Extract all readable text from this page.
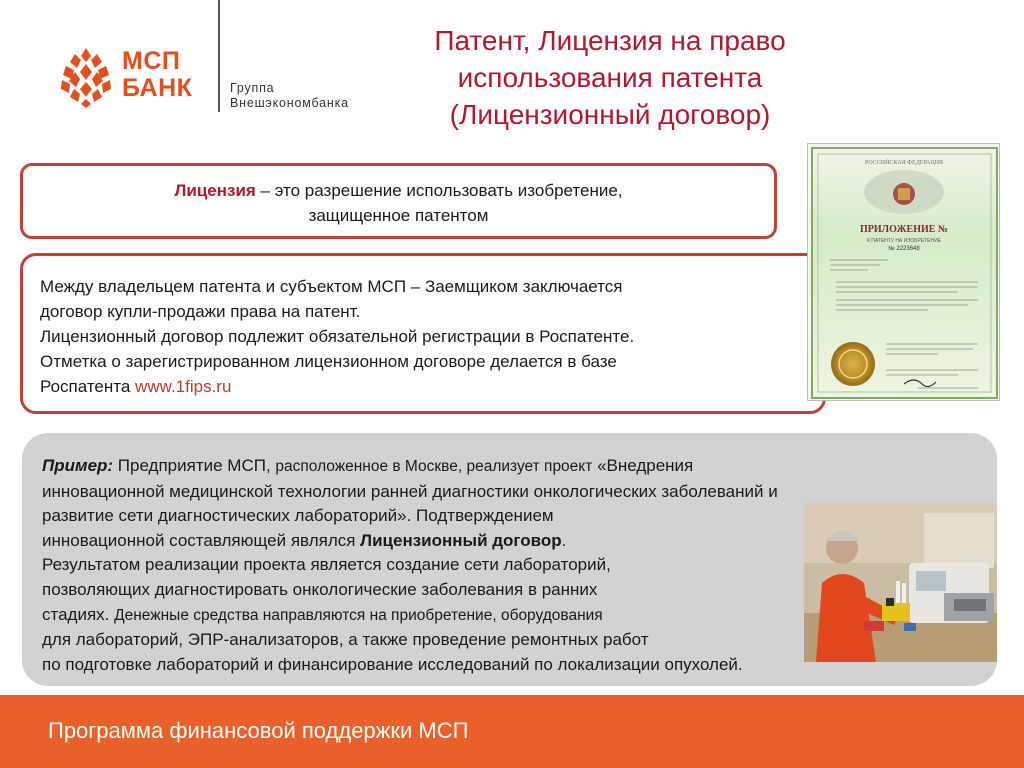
МСП
БАНК	Группа
Внешэкономбанка
Патент, Лицензия на право
использования патента
(Лицензионный договор)
Лицензия – это разрешение использовать изобретение,
защищенное патентом
Между владельцем патента и субъектом МСП – Заемщиком заключается
договор купли-продажи права на патент.
Лицензионный договор подлежит обязательной регистрации в Роспатенте.
Отметка о зарегистрированном лицензионном договоре делается в базе
Роспатента www.1fips.ru
РОССИЙСКАЯ ФЕДЕРАЦИЯ
ПРИЛОЖЕНИЕ №
К ПАТЕНТУ НА ИЗОБРЕТЕНИЕ
№ 2223648
Пример: Предприятие МСП, расположенное в Москве, реализует проект «Внедрения
инновационной медицинской технологии ранней диагностики онкологических заболеваний и
развитие сети диагностических лабораторий». Подтверждением
инновационной составляющей являлся Лицензионный договор.
Результатом реализации проекта является создание сети лабораторий,
позволяющих диагностировать онкологические заболевания в ранних
стадиях. Денежные средства направляются на приобретение, оборудования
для лабораторий, ЭПР-анализаторов, а также проведение ремонтных работ
по подготовке лабораторий и финансирование исследований по локализации опухолей.
Программа финансовой поддержки МСП
